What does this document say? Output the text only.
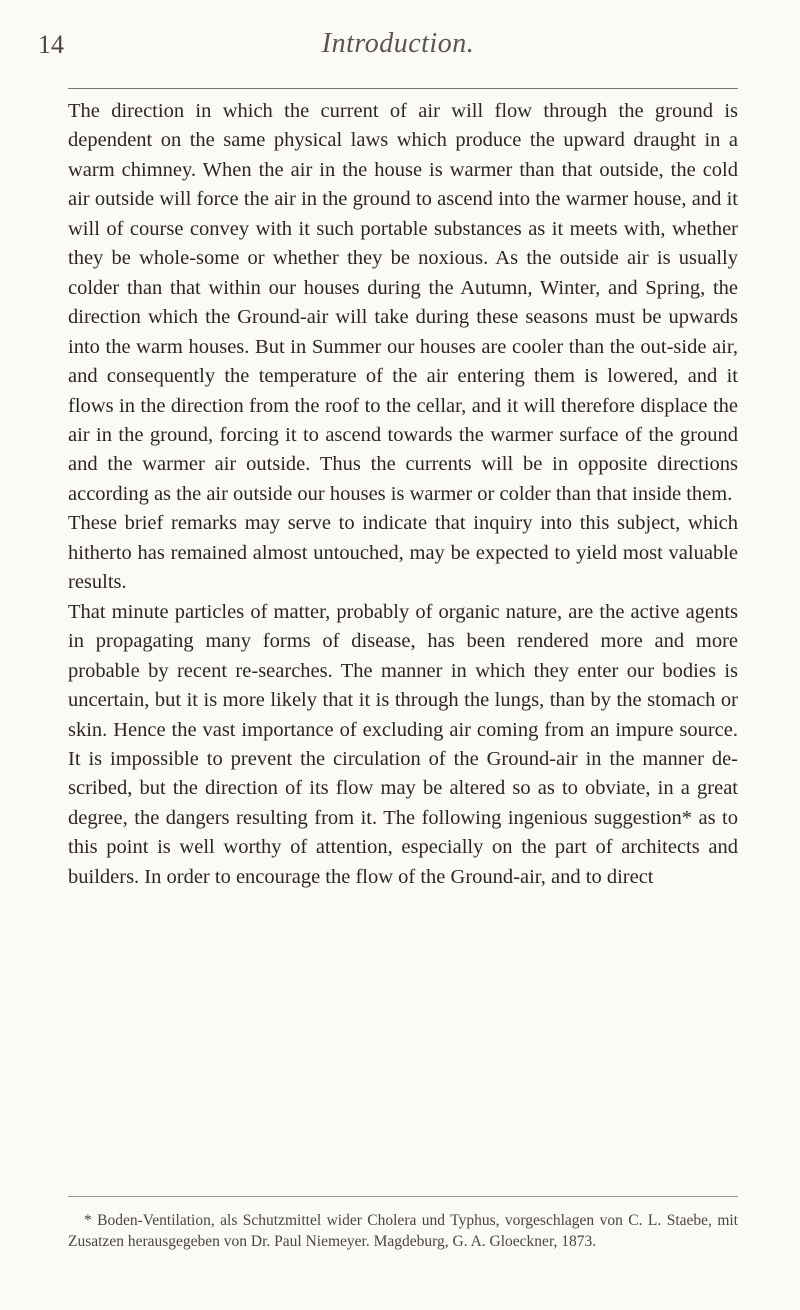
14	Introduction.

The direction in which the current of air will flow through the ground is dependent on the same physical laws which produce the upward draught in a warm chimney. When the air in the house is warmer than that outside, the cold air outside will force the air in the ground to ascend into the warmer house, and it will of course convey with it such portable substances as it meets with, whether they be whole-some or whether they be noxious. As the outside air is usually colder than that within our houses during the Autumn, Winter, and Spring, the direction which the Ground-air will take during these seasons must be upwards into the warm houses. But in Summer our houses are cooler than the out-side air, and consequently the temperature of the air entering them is lowered, and it flows in the direction from the roof to the cellar, and it will therefore displace the air in the ground, forcing it to ascend towards the warmer surface of the ground and the warmer air outside. Thus the currents will be in opposite directions according as the air outside our houses is warmer or colder than that inside them.

These brief remarks may serve to indicate that inquiry into this subject, which hitherto has remained almost untouched, may be expected to yield most valuable results.

That minute particles of matter, probably of organic nature, are the active agents in propagating many forms of disease, has been rendered more and more probable by recent re-searches. The manner in which they enter our bodies is uncertain, but it is more likely that it is through the lungs, than by the stomach or skin. Hence the vast importance of excluding air coming from an impure source. It is impossible to prevent the circulation of the Ground-air in the manner de-scribed, but the direction of its flow may be altered so as to obviate, in a great degree, the dangers resulting from it. The following ingenious suggestion* as to this point is well worthy of attention, especially on the part of architects and builders. In order to encourage the flow of the Ground-air, and to direct

* Boden-Ventilation, als Schutzmittel wider Cholera und Typhus, vorgeschlagen von C. L. Staebe, mit Zusatzen herausgegeben von Dr. Paul Niemeyer. Magdeburg, G. A. Gloeckner, 1873.
